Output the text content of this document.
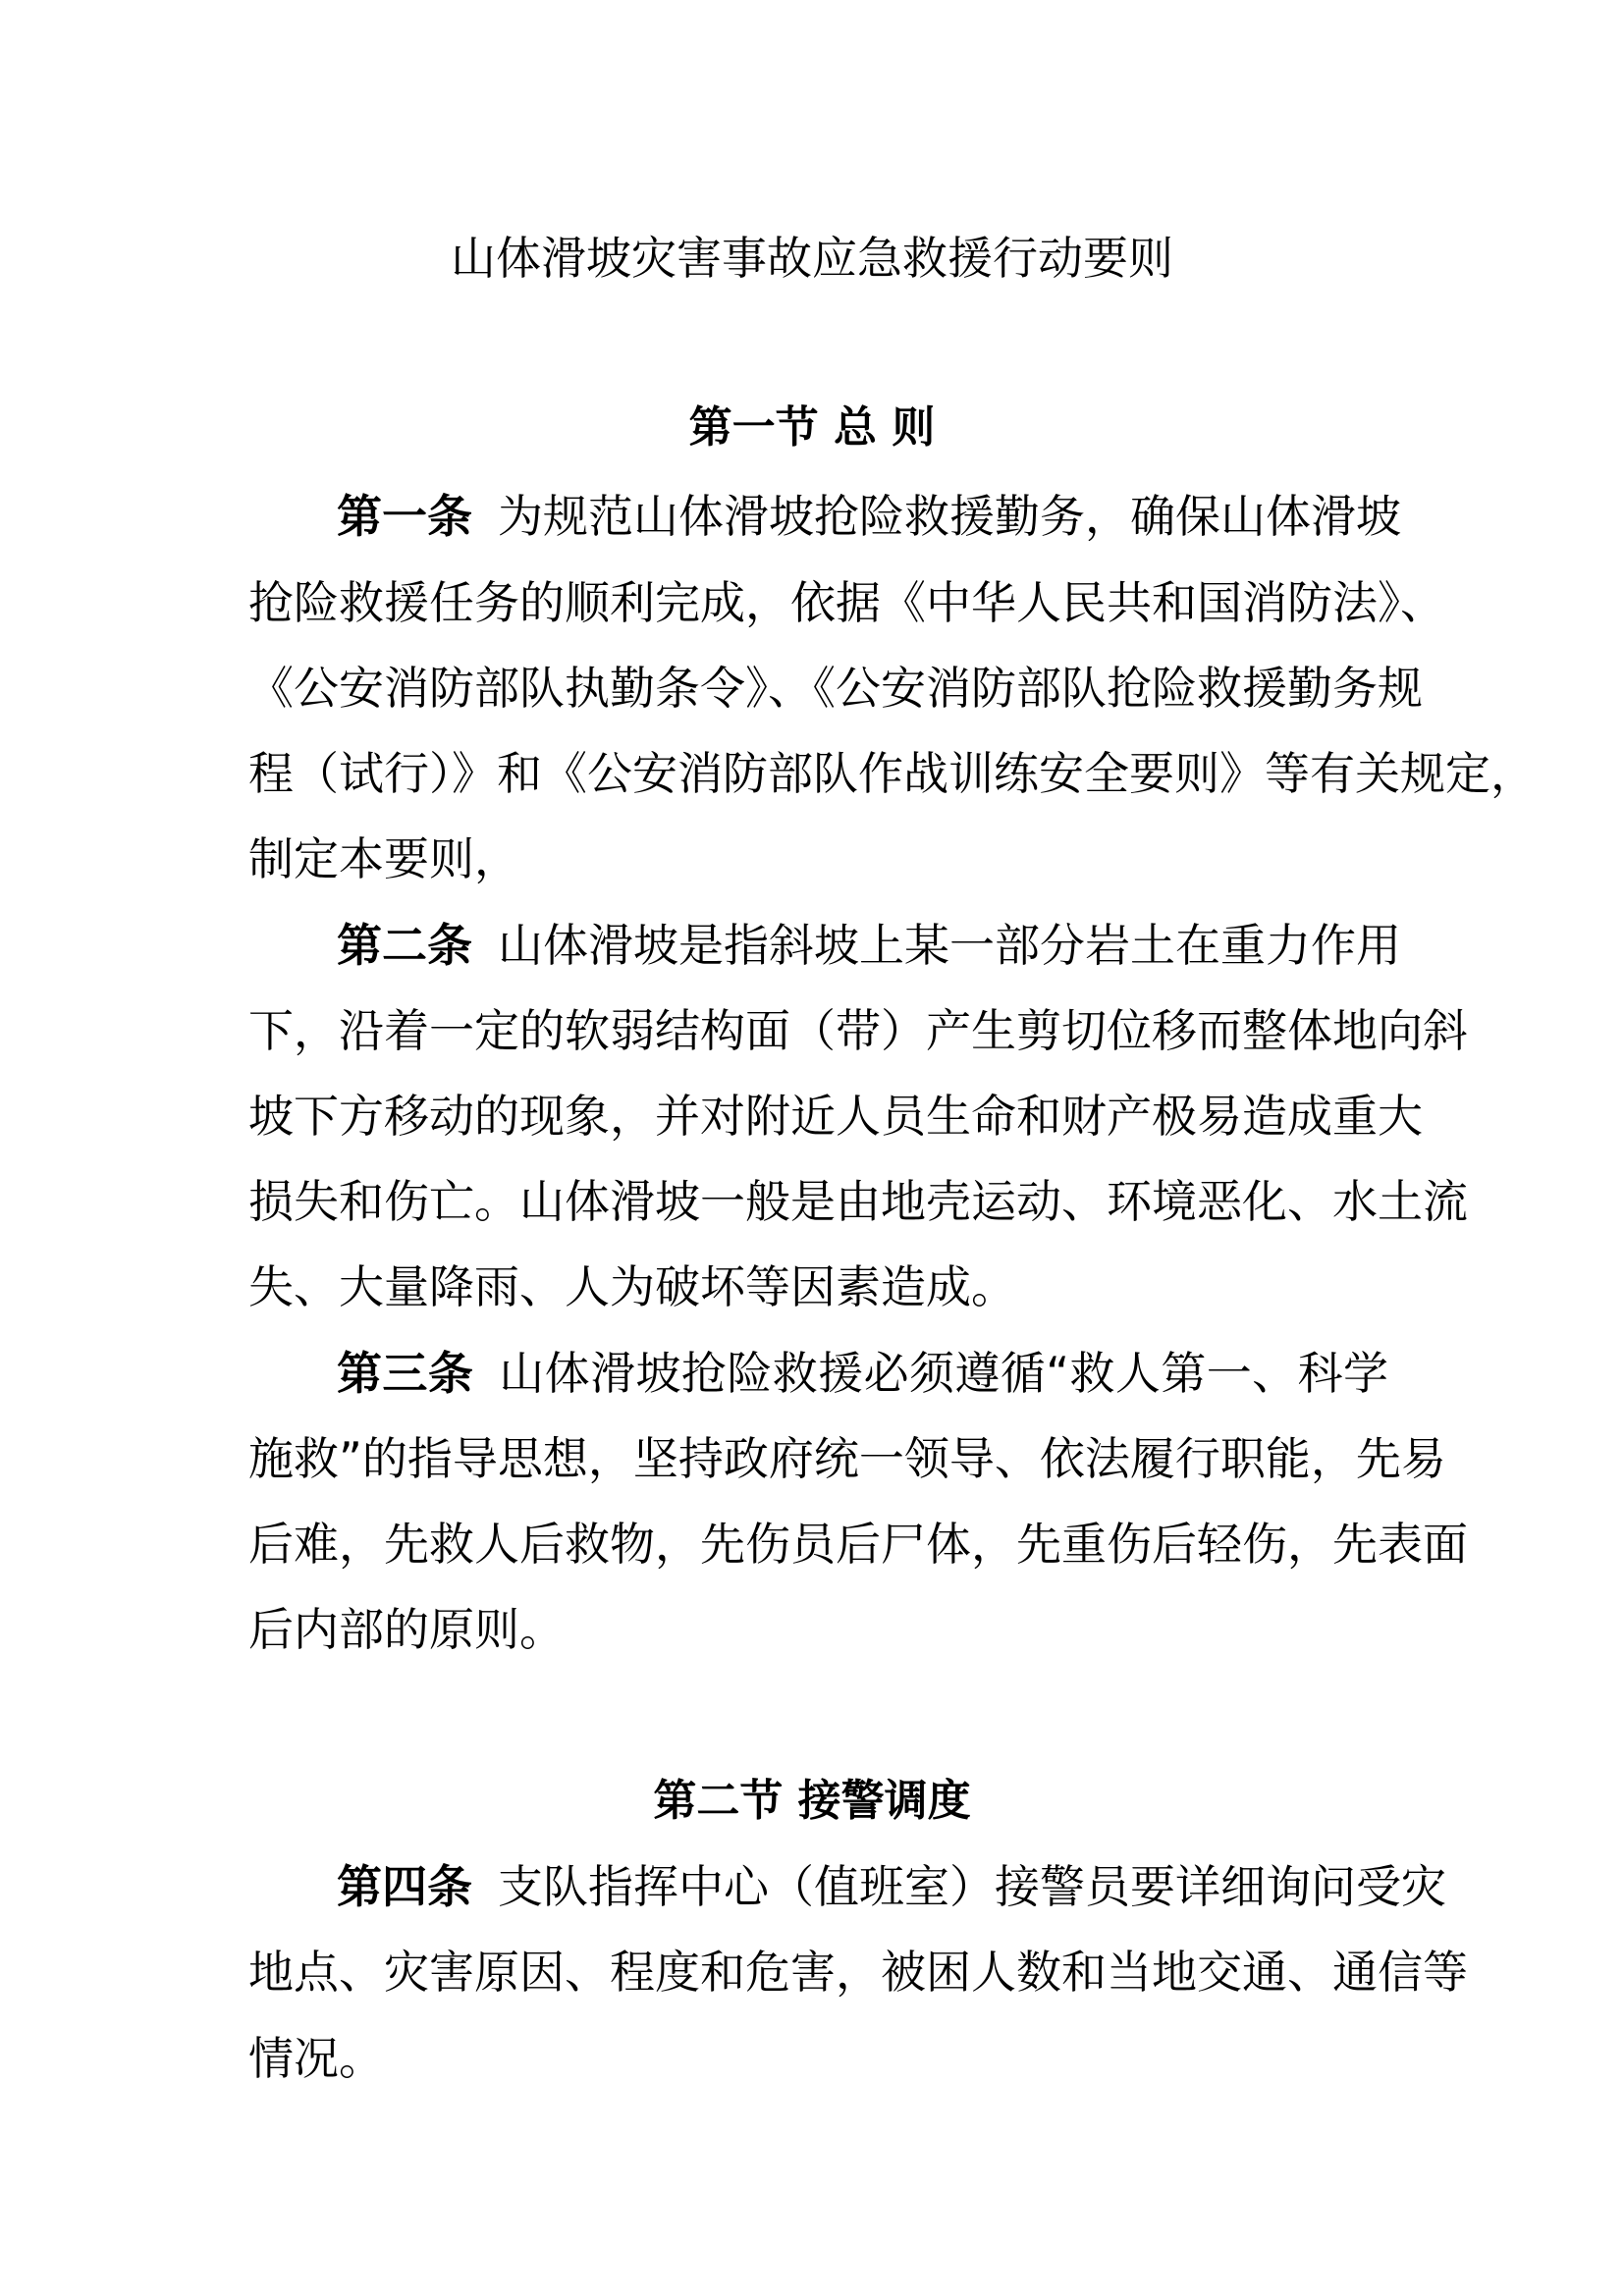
山体滑坡灾害事故应急救援行动要则
第一节 总 则
第一条 为规范山体滑坡抢险救援勤务，确保山体滑坡
抢险救援任务的顺利完成，依据《中华人民共和国消防法》、
《公安消防部队执勤条令》、《公安消防部队抢险救援勤务规
程（试行）》和《公安消防部队作战训练安全要则》等有关规定，
制定本要则，
第二条 山体滑坡是指斜坡上某一部分岩土在重力作用
下，沿着一定的软弱结构面（带）产生剪切位移而整体地向斜
坡下方移动的现象，并对附近人员生命和财产极易造成重大
损失和伤亡。山体滑坡一般是由地壳运动、环境恶化、水土流
失、大量降雨、人为破坏等因素造成。
第三条 山体滑坡抢险救援必须遵循“救人第一、科学
施救”的指导思想，坚持政府统一领导、依法履行职能，先易
后难，先救人后救物，先伤员后尸体，先重伤后轻伤，先表面
后内部的原则。
第二节 接警调度
第四条 支队指挥中心（值班室）接警员要详细询问受灾
地点、灾害原因、程度和危害，被困人数和当地交通、通信等
情况。
